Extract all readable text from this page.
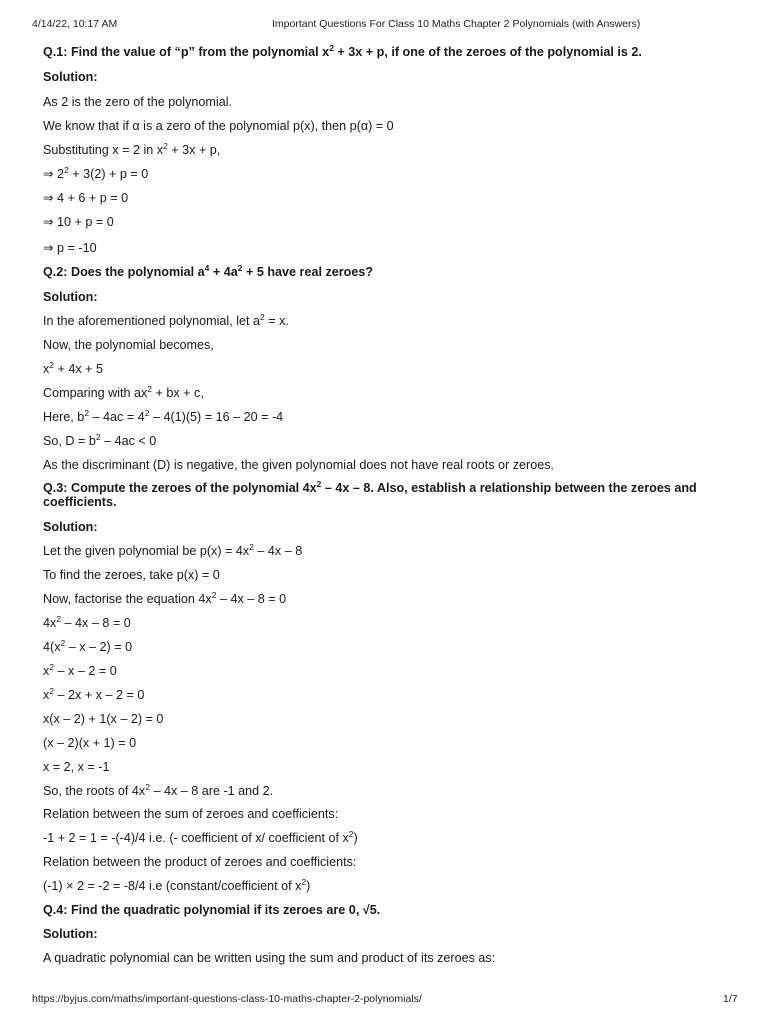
4/14/22, 10:17 AM	Important Questions For Class 10 Maths Chapter 2 Polynomials (with Answers)
Q.1: Find the value of “p” from the polynomial $x^2 + 3x + p$, if one of the zeroes of the polynomial is 2.
Solution:
As 2 is the zero of the polynomial.
We know that if α is a zero of the polynomial p(x), then p(α) = 0
Substituting x = 2 in $x^2 + 3x + p$,
⇒ $2^2 + 3(2) + p = 0$
⇒ 4 + 6 + p = 0
⇒ 10 + p = 0
⇒ p = -10
Q.2: Does the polynomial $a^4 + 4a^2 + 5$ have real zeroes?
Solution:
In the aforementioned polynomial, let $a^2 = x$.
Now, the polynomial becomes,
$x^2 + 4x + 5$
Comparing with $ax^2$ + bx + c,
Here, $b^2 - 4ac = 4^2 - 4(1)(5) = 16 - 20 = -4$
So, $D = b^2 - 4ac < 0$
As the discriminant (D) is negative, the given polynomial does not have real roots or zeroes.
Q.3: Compute the zeroes of the polynomial $4x^2 - 4x - 8$. Also, establish a relationship between the zeroes and coefficients.
Solution:
Let the given polynomial be $p(x) = 4x^2 - 4x - 8$
To find the zeroes, take p(x) = 0
Now, factorise the equation $4x^2 - 4x - 8 = 0$
$4x^2 - 4x - 8 = 0$
$4(x^2 - x - 2) = 0$
$x^2 - x - 2 = 0$
$x^2 - 2x + x - 2 = 0$
x(x – 2) + 1(x – 2) = 0
(x – 2)(x + 1) = 0
x = 2, x = -1
So, the roots of $4x^2 - 4x - 8$ are -1 and 2.
Relation between the sum of zeroes and coefficients:
-1 + 2 = 1 = -(-4)/4 i.e. (- coefficient of x/ coefficient of $x^2$)
Relation between the product of zeroes and coefficients:
(-1) × 2 = -2 = -8/4 i.e (constant/coefficient of $x^2$)
Q.4: Find the quadratic polynomial if its zeroes are 0, √5.
Solution:
A quadratic polynomial can be written using the sum and product of its zeroes as:
https://byjus.com/maths/important-questions-class-10-maths-chapter-2-polynomials/	1/7
